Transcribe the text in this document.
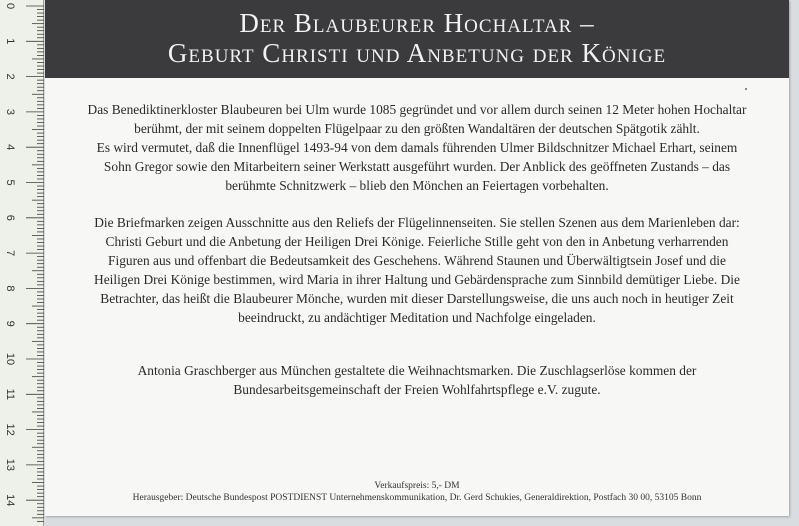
0
1
2
3
4
5
6
7
8
9
10
11
12
13
14
Der Blaubeurer Hochaltar –
Geburt Christi und Anbetung der Könige

Das Benediktinerkloster Blaubeuren bei Ulm wurde 1085 gegründet und vor allem durch seinen 12 Meter hohen Hochaltar berühmt, der mit seinem doppelten Flügelpaar zu den größten Wandaltären der deutschen Spätgotik zählt.

Es wird vermutet, daß die Innenflügel 1493-94 von dem damals führenden Ulmer Bildschnitzer Michael Erhart, seinem Sohn Gregor sowie den Mitarbeitern seiner Werkstatt ausgeführt wurden. Der Anblick des geöffneten Zustands – das berühmte Schnitzwerk – blieb den Mönchen an Feiertagen vorbehalten.

Die Briefmarken zeigen Ausschnitte aus den Reliefs der Flügelinnenseiten. Sie stellen Szenen aus dem Marienleben dar: Christi Geburt und die Anbetung der Heiligen Drei Könige. Feierliche Stille geht von den in Anbetung verharrenden Figuren aus und offenbart die Bedeutsamkeit des Geschehens. Während Staunen und Überwältigtsein Josef und die Heiligen Drei Könige bestimmen, wird Maria in ihrer Haltung und Gebärdensprache zum Sinnbild demütiger Liebe. Die Betrachter, das heißt die Blaubeurer Mönche, wurden mit dieser Darstellungsweise, die uns auch noch in heutiger Zeit beeindruckt, zu andächtiger Meditation und Nachfolge eingeladen.

Antonia Graschberger aus München gestaltete die Weihnachtsmarken. Die Zuschlagserlöse kommen der Bundesarbeitsgemeinschaft der Freien Wohlfahrtspflege e.V. zugute.

Verkaufspreis: 5,- DM
Herausgeber: Deutsche Bundespost POSTDIENST Unternehmenskommunikation, Dr. Gerd Schukies, Generaldirektion, Postfach 30 00, 53105 Bonn
